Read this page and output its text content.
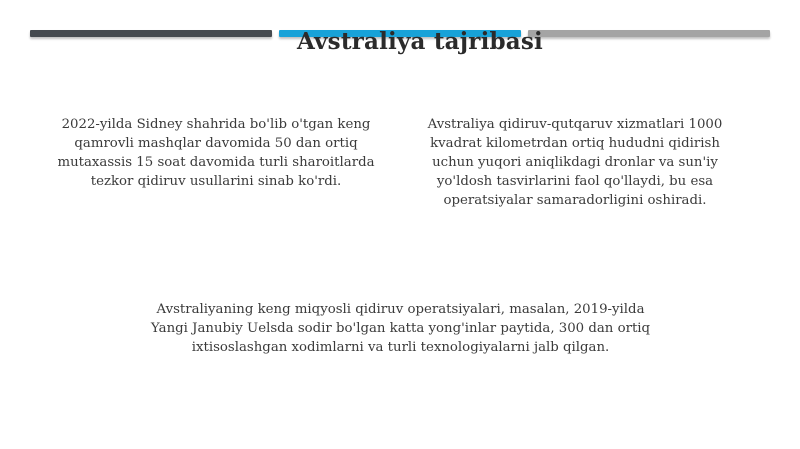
Avstraliya tajribasi
2022-yilda Sidney shahrida bo'lib o'tgan keng qamrovli mashqlar davomida 50 dan ortiq mutaxassis 15 soat davomida turli sharoitlarda tezkor qidiruv usullarini sinab ko'rdi.
Avstraliya qidiruv-qutqaruv xizmatlari 1000 kvadrat kilometrdan ortiq hududni qidirish uchun yuqori aniqlikdagi dronlar va sun'iy yo'ldosh tasvirlarini faol qo'llaydi, bu esa operatsiyalar samaradorligini oshiradi.
Avstraliyaning keng miqyosli qidiruv operatsiyalari, masalan, 2019-yilda Yangi Janubiy Uelsda sodir bo'lgan katta yong'inlar paytida, 300 dan ortiq ixtisoslashgan xodimlarni va turli texnologiyalarni jalb qilgan.
